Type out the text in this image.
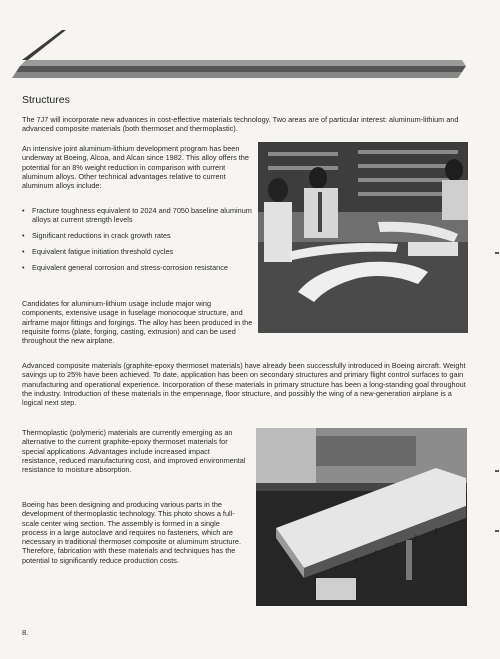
Structures

The 7J7 will incorporate new advances in cost-effective materials technology. Two areas are of particular interest: aluminum-lithium and advanced composite materials (both thermoset and thermoplastic).

An intensive joint aluminum-lithium development program has been underway at Boeing, Alcoa, and Alcan since 1982. This alloy offers the potential for an 8% weight reduction in comparison with current aluminum alloys. Other technical advantages relative to current aluminum alloys include:

• Fracture toughness equivalent to 2024 and 7050 baseline aluminum alloys at current strength levels
• Significant reductions in crack growth rates
• Equivalent fatigue initiation threshold cycles
• Equivalent general corrosion and stress-corrosion resistance

Candidates for aluminum-lithium usage include major wing components, extensive usage in fuselage monocoque structure, and airframe major fittings and forgings. The alloy has been produced in the requisite forms (plate, forging, casting, extrusion) and can be used throughout the new airplane.

Advanced composite materials (graphite-epoxy thermoset materials) have already been successfully introduced in Boeing aircraft. Weight savings up to 25% have been achieved. To date, application has been on secondary structures and primary flight control surfaces to gain manufacturing and operational experience. Incorporation of these materials in primary structure has been a long-standing goal throughout the industry. Introduction of these materials in the empennage, floor structure, and possibly the wing of a new-generation airplane is a logical next step.

Thermoplastic (polymeric) materials are currently emerging as an alternative to the current graphite-epoxy thermoset materials for special applications. Advantages include increased impact resistance, reduced manufacturing cost, and improved environmental resistance to moisture absorption.

Boeing has been designing and producing various parts in the development of thermoplastic technology. This photo shows a full-scale center wing section. The assembly is formed in a single process in a large autoclave and requires no fasteners, which are necessary in traditional thermoset composite or aluminum structure. Therefore, fabrication with these materials and techniques has the potential to significantly reduce production costs.

8.
